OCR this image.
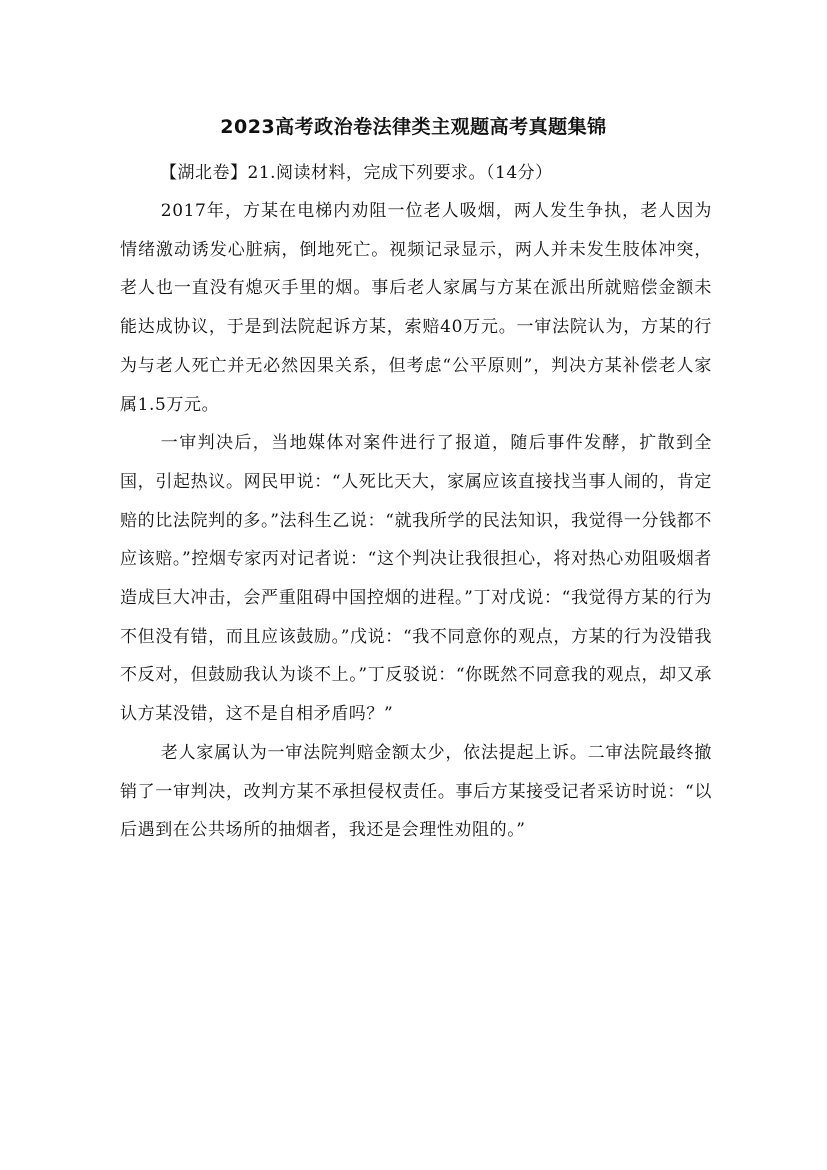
2023高考政治卷法律类主观题高考真题集锦
【湖北卷】21.阅读材料，完成下列要求。（14分）

2017年，方某在电梯内劝阻一位老人吸烟，两人发生争执，老人因为情绪激动诱发心脏病，倒地死亡。视频记录显示，两人并未发生肢体冲突，老人也一直没有熄灭手里的烟。事后老人家属与方某在派出所就赔偿金额未能达成协议，于是到法院起诉方某，索赔40万元。一审法院认为，方某的行为与老人死亡并无必然因果关系，但考虑“公平原则”，判决方某补偿老人家属1.5万元。

一审判决后，当地媒体对案件进行了报道，随后事件发酵，扩散到全国，引起热议。网民甲说：“人死比天大，家属应该直接找当事人闹的，肯定赔的比法院判的多。”法科生乙说：“就我所学的民法知识，我觉得一分钱都不应该赔。”控烟专家丙对记者说：“这个判决让我很担心，将对热心劝阻吸烟者造成巨大冲击，会严重阻碍中国控烟的进程。”丁对戊说：“我觉得方某的行为不但没有错，而且应该鼓励。”戊说：“我不同意你的观点，方某的行为没错我不反对，但鼓励我认为谈不上。”丁反驳说：“你既然不同意我的观点，却又承认方某没错，这不是自相矛盾吗？”

老人家属认为一审法院判赔金额太少，依法提起上诉。二审法院最终撤销了一审判决，改判方某不承担侵权责任。事后方某接受记者采访时说：“以后遇到在公共场所的抽烟者，我还是会理性劝阻的。”
